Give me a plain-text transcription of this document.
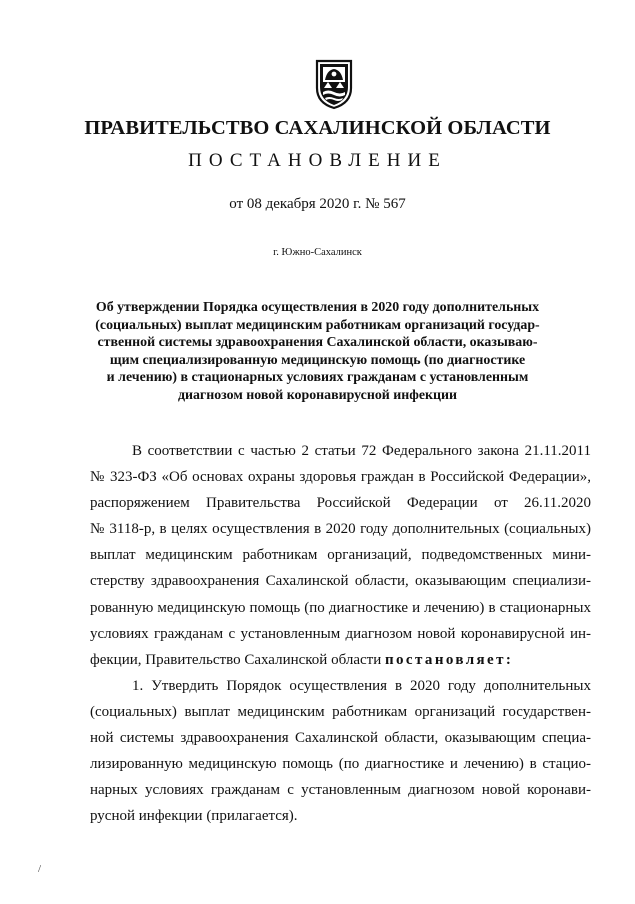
ПРАВИТЕЛЬСТВО САХАЛИНСКОЙ ОБЛАСТИ
ПОСТАНОВЛЕНИЕ
от 08 декабря 2020 г. № 567
г. Южно-Сахалинск
Об утверждении Порядка осуществления в 2020 году дополнительных
(социальных) выплат медицинским работникам организаций государ-
ственной системы здравоохранения Сахалинской области, оказываю-
щим специализированную медицинскую помощь (по диагностике
и лечению) в стационарных условиях гражданам с установленным
диагнозом новой коронавирусной инфекции
В соответствии с частью 2 статьи 72 Федерального закона 21.11.2011
№ 323-ФЗ «Об основах охраны здоровья граждан в Российской Федерации»,
распоряжением Правительства Российской Федерации от 26.11.2020
№ 3118-р, в целях осуществления в 2020 году дополнительных (социальных)
выплат медицинским работникам организаций, подведомственных мини-
стерству здравоохранения Сахалинской области, оказывающим специализи-
рованную медицинскую помощь (по диагностике и лечению) в стационарных
условиях гражданам с установленным диагнозом новой коронавирусной ин-
фекции, Правительство Сахалинской области постановляет:
1. Утвердить Порядок осуществления в 2020 году дополнительных
(социальных) выплат медицинским работникам организаций государствен-
ной системы здравоохранения Сахалинской области, оказывающим специа-
лизированную медицинскую помощь (по диагностике и лечению) в стацио-
нарных условиях гражданам с установленным диагнозом новой коронави-
русной инфекции (прилагается).
/
